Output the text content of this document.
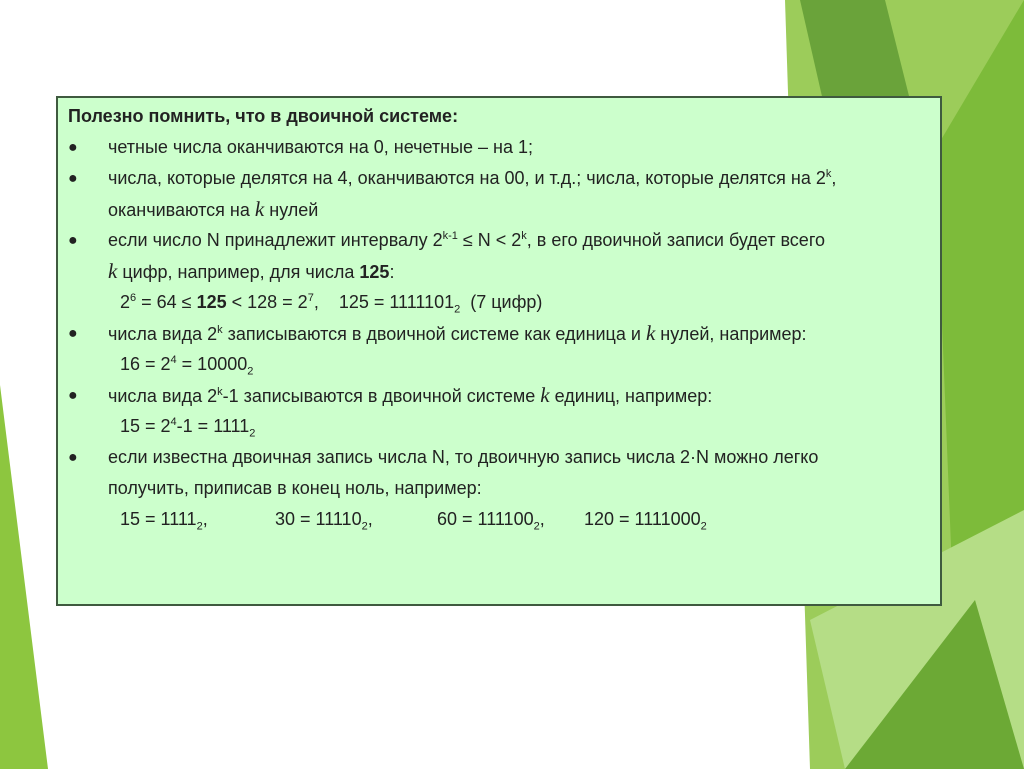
Полезно помнить, что в двоичной системе:
● четные числа оканчиваются на 0, нечетные – на 1;
● числа, которые делятся на 4, оканчиваются на 00, и т.д.; числа, которые делятся на 2$^k$,
оканчиваются на k нулей
● если число N принадлежит интервалу $2^{k-1} \le N < 2^k$, в его двоичной записи будет всего
k цифр, например, для числа 125:
$2^6 = 64 \le 125 < 128 = 2^7$,    $125 = 1111101_2$  (7 цифр)
● числа вида 2$^k$ записываются в двоичной системе как единица и k нулей, например:
$16 = 2^4 = 10000_2$
● числа вида 2$^k$-1 записываются в двоичной системе k единиц, например:
$15 = 2^4-1 = 1111_2$
● если известна двоичная запись числа N, то двоичную запись числа 2·N можно легко
получить, приписав в конец ноль, например:
$15 = 1111_2$,	$30 = 11110_2$,	$60 = 111100_2$, $120 = 1111000_2$
